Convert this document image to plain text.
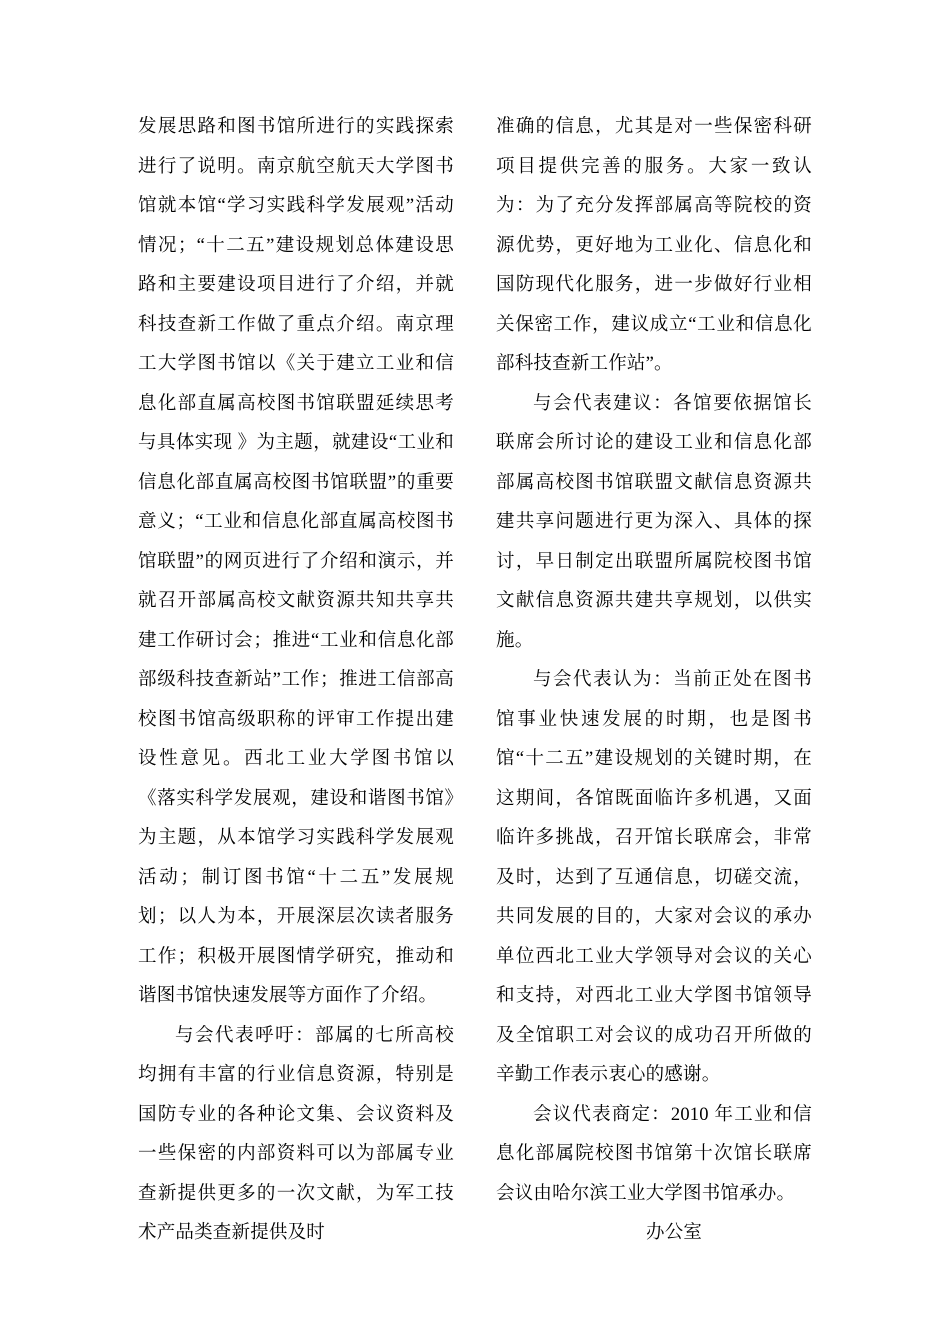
发展思路和图书馆所进行的实践探索进行了说明。南京航空航天大学图书馆就本馆“学习实践科学发展观”活动情况；“十二五”建设规划总体建设思路和主要建设项目进行了介绍，并就科技查新工作做了重点介绍。南京理工大学图书馆以《关于建立工业和信息化部直属高校图书馆联盟延续思考与具体实现 》为主题，就建设“工业和信息化部直属高校图书馆联盟”的重要意义；“工业和信息化部直属高校图书馆联盟”的网页进行了介绍和演示，并就召开部属高校文献资源共知共享共建工作研讨会；推进“工业和信息化部部级科技查新站”工作；推进工信部高校图书馆高级职称的评审工作提出建设性意见。西北工业大学图书馆以《落实科学发展观，建设和谐图书馆》为主题，从本馆学习实践科学发展观活动；制订图书馆“十二五”发展规划；以人为本，开展深层次读者服务工作；积极开展图情学研究，推动和谐图书馆快速发展等方面作了介绍。

与会代表呼吁：部属的七所高校均拥有丰富的行业信息资源，特别是国防专业的各种论文集、会议资料及一些保密的内部资料可以为部属专业查新提供更多的一次文献，为军工技术产品类查新提供及时

准确的信息，尤其是对一些保密科研项目提供完善的服务。大家一致认为：为了充分发挥部属高等院校的资源优势，更好地为工业化、信息化和国防现代化服务，进一步做好行业相关保密工作，建议成立“工业和信息化部科技查新工作站”。

与会代表建议：各馆要依据馆长联席会所讨论的建设工业和信息化部部属高校图书馆联盟文献信息资源共建共享问题进行更为深入、具体的探讨，早日制定出联盟所属院校图书馆文献信息资源共建共享规划，以供实施。

与会代表认为：当前正处在图书馆事业快速发展的时期，也是图书馆“十二五”建设规划的关键时期，在这期间，各馆既面临许多机遇，又面临许多挑战，召开馆长联席会，非常及时，达到了互通信息，切磋交流，共同发展的目的，大家对会议的承办单位西北工业大学领导对会议的关心和支持，对西北工业大学图书馆领导及全馆职工对会议的成功召开所做的辛勤工作表示衷心的感谢。

会议代表商定：2010 年工业和信息化部属院校图书馆第十次馆长联席会议由哈尔滨工业大学图书馆承办。

办公室
